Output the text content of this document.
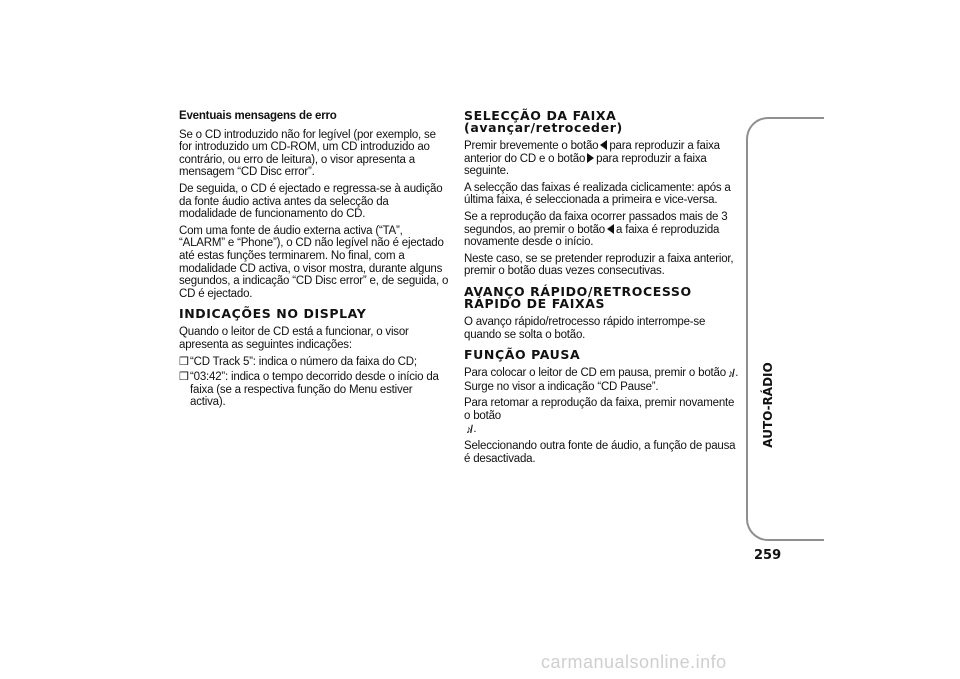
Eventuais mensagens de erro

Se o CD introduzido não for legível (por exemplo, se for introduzido um CD-ROM, um CD introduzido ao contrário, ou erro de leitura), o visor apresenta a mensagem “CD Disc error”.

De seguida, o CD é ejectado e regressa-se à audição da fonte áudio activa antes da selecção da modalidade de funcionamento do CD.

Com uma fonte de áudio externa activa (“TA”, “ALARM” e “Phone”), o CD não legível não é ejectado até estas funções terminarem. No final, com a modalidade CD activa, o visor mostra, durante alguns segundos, a indicação “CD Disc error” e, de seguida, o CD é ejectado.

INDICAÇÕES NO DISPLAY

Quando o leitor de CD está a funcionar, o visor apresenta as seguintes indicações:

❒ “CD Track 5”: indica o número da faixa do CD;
❒ “03:42”: indica o tempo decorrido desde o início da faixa (se a respectiva função do Menu estiver activa).
SELECÇÃO DA FAIXA
(avançar/retroceder)

Premir brevemente o botão para reproduzir a faixa anterior do CD e o botão para reproduzir a faixa seguinte.

A selecção das faixas é realizada ciclicamente: após a última faixa, é seleccionada a primeira e vice-versa.

Se a reprodução da faixa ocorrer passados mais de 3 segundos, ao premir o botão a faixa é reproduzida novamente desde o início.

Neste caso, se se pretender reproduzir a faixa anterior, premir o botão duas vezes consecutivas.

AVANÇO RÁPIDO/RETROCESSO
RÁPIDO DE FAIXAS

O avanço rápido/retrocesso rápido interrompe-se quando se solta o botão.

FUNÇÃO PAUSA

Para colocar o leitor de CD em pausa, premir o botão ♪̸ . Surge no visor a indicação “CD Pause”.

Para retomar a reprodução da faixa, premir novamente o botão
♪̸ .

Seleccionando outra fonte de áudio, a função de pausa é desactivada.

AUTO-RÁDIO
259
carmanualsonline.info
